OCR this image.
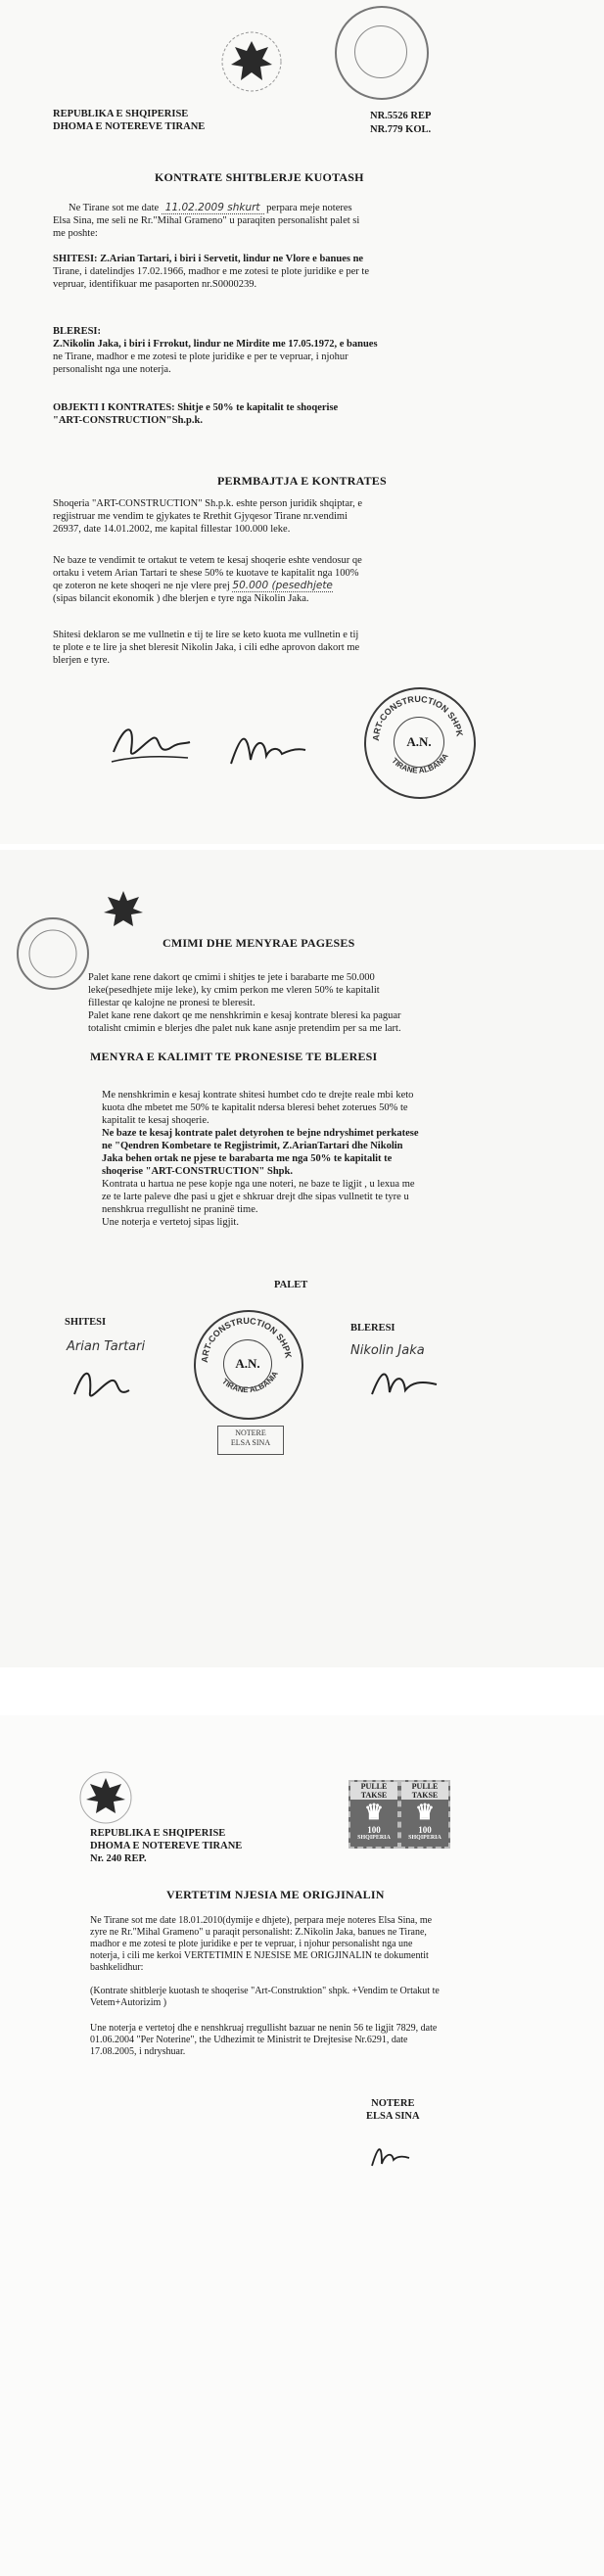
REPUBLIKA E SHQIPERISE
DHOMA E NOTEREVE TIRANE
NR.5526 REP
NR.779 KOL.
KONTRATE SHITBLERJE KUOTASH
Ne Tirane sot me date 11.02.2009 shkurt perpara meje noteres
Elsa Sina, me seli ne Rr."Mihal Grameno" u paraqiten personalisht palet si
me poshte:
SHITESI: Z.Arian Tartari, i biri i Servetit, lindur ne Vlore e banues ne
Tirane, i datelindjes 17.02.1966, madhor e me zotesi te plote juridike e per te
vepruar, identifikuar me pasaporten nr.S0000239.
BLERESI:
Z.Nikolin Jaka, i biri i Frrokut, lindur ne Mirdite me 17.05.1972, e banues
ne Tirane, madhor e me zotesi te plote juridike e per te vepruar, i njohur
personalisht nga une noterja.
OBJEKTI I KONTRATES: Shitje e 50% te kapitalit te shoqerise
"ART-CONSTRUCTION"Sh.p.k.
PERMBAJTJA E KONTRATES
Shoqeria "ART-CONSTRUCTION" Sh.p.k. eshte person juridik shqiptar, e
regjistruar me vendim te gjykates te Rrethit Gjyqesor Tirane nr.vendimi
26937, date 14.01.2002, me kapital fillestar 100.000 leke.
Ne baze te vendimit te ortakut te vetem te kesaj shoqerie eshte vendosur qe
ortaku i vetem Arian Tartari te shese 50% te kuotave te kapitalit nga 100%
qe zoteron ne kete shoqeri ne nje vlere prej 50.000 (pesedhjete
(sipas bilancit ekonomik ) dhe blerjen e tyre nga Nikolin Jaka.
Shitesi deklaron se me vullnetin e tij te lire se keto kuota me vullnetin e tij
te plote e te lire ja shet bleresit Nikolin Jaka, i cili edhe aprovon dakort me
blerjen e tyre.
ART-CONSTRUCTION SHPK
TIRANE ALBANIA
A.N.
CMIMI DHE MENYRAE PAGESES
Palet kane rene dakort qe cmimi i shitjes te jete i barabarte me 50.000
leke(pesedhjete mije leke), ky cmim perkon me vleren 50% te kapitalit
fillestar qe kalojne ne pronesi te bleresit.
Palet kane rene dakort qe me nenshkrimin e kesaj kontrate bleresi ka paguar
totalisht cmimin e blerjes dhe palet nuk kane asnje pretendim per sa me lart.
MENYRA E KALIMIT TE PRONESISE TE BLERESI
Me nenshkrimin e kesaj kontrate shitesi humbet cdo te drejte reale mbi keto
kuota dhe mbetet me 50% te kapitalit ndersa bleresi behet zoterues 50% te
kapitalit te kesaj shoqerie.
Ne baze te kesaj kontrate palet detyrohen te bejne ndryshimet perkatese
ne "Qendren Kombetare te Regjistrimit, Z.ArianTartari dhe Nikolin
Jaka behen ortak ne pjese te barabarta me nga 50% te kapitalit te
shoqerise "ART-CONSTRUCTION" Shpk.
Kontrata u hartua ne pese kopje nga une noteri, ne baze te ligjit , u lexua me
ze te larte paleve dhe pasi u gjet e shkruar drejt dhe sipas vullnetit te tyre u
nenshkrua rregullisht ne praninë time.
Une noterja e vertetoj sipas ligjit.
PALET
SHITESI
BLERESI
Arian Tartari
ART-CONSTRUCTION SHPK
TIRANE ALBANIA
A.N.
Nikolin Jaka
NOTERE
ELSA SINA
REPUBLIKA E SHQIPERISE
DHOMA E NOTEREVE TIRANE
Nr. 240 REP.
PULLE TAKSE
♛
100
SHQIPERIA
PULLE TAKSE
♛
100
SHQIPERIA
VERTETIM NJESIA ME ORIGJINALIN
Ne Tirane sot me date 18.01.2010(dymije e dhjete), perpara meje noteres Elsa Sina, me
zyre ne Rr."Mihal Grameno" u paraqit personalisht: Z.Nikolin Jaka, banues ne Tirane,
madhor e me zotesi te plote juridike e per te vepruar, i njohur personalisht nga une
noterja, i cili me kerkoi VERTETIMIN E NJESISE ME ORIGJINALIN te dokumentit
bashkelidhur:
(Kontrate shitblerje kuotash te shoqerise "Art-Construktion" shpk. +Vendim te Ortakut te
Vetem+Autorizim )
Une noterja e vertetoj dhe e nenshkruaj rregullisht bazuar ne nenin 56 te ligjit 7829, date
01.06.2004 "Per Noterine", the Udhezimit te Ministrit te Drejtesise Nr.6291, date
17.08.2005, i ndryshuar.
NOTERE
ELSA SINA
